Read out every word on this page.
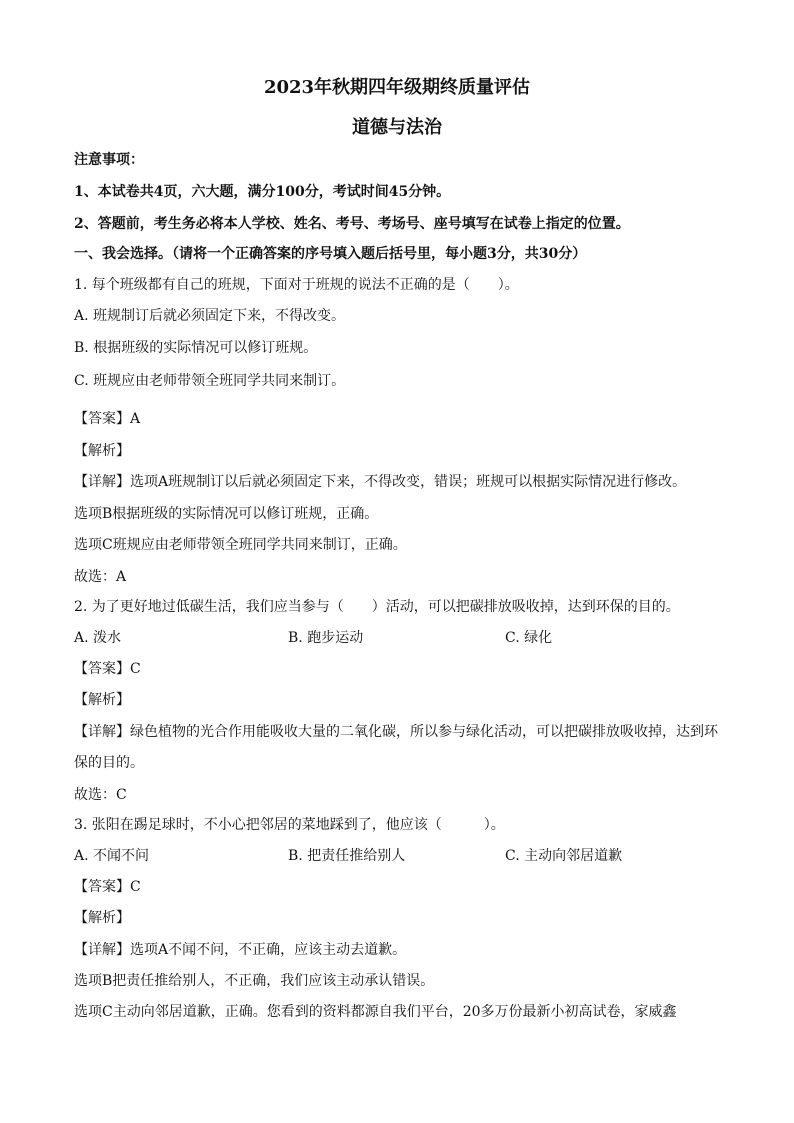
2023年秋期四年级期终质量评估
道德与法治
注意事项：
1、本试卷共4页，六大题，满分100分，考试时间45分钟。
2、答题前，考生务必将本人学校、姓名、考号、考场号、座号填写在试卷上指定的位置。
一、我会选择。（请将一个正确答案的序号填入题后括号里，每小题3分，共30分）
1. 每个班级都有自己的班规，下面对于班规的说法不正确的是（　　）。
A. 班规制订后就必须固定下来，不得改变。
B. 根据班级的实际情况可以修订班规。
C. 班规应由老师带领全班同学共同来制订。
【答案】A
【解析】
【详解】选项A班规制订以后就必须固定下来，不得改变，错误；班规可以根据实际情况进行修改。
选项B根据班级的实际情况可以修订班规，正确。
选项C班规应由老师带领全班同学共同来制订，正确。
故选：A
2. 为了更好地过低碳生活，我们应当参与（　　）活动，可以把碳排放吸收掉，达到环保的目的。
A. 泼水	B. 跑步运动	C. 绿化
【答案】C
【解析】
【详解】绿色植物的光合作用能吸收大量的二氧化碳，所以参与绿化活动，可以把碳排放吸收掉，达到环
保的目的。
故选：C
3. 张阳在踢足球时，不小心把邻居的菜地踩到了，他应该（　　　）。
A. 不闻不问	B. 把责任推给别人	C. 主动向邻居道歉
【答案】C
【解析】
【详解】选项A不闻不问，不正确，应该主动去道歉。
选项B把责任推给别人，不正确，我们应该主动承认错误。
选项C主动向邻居道歉，正确。您看到的资料都源自我们平台，20多万份最新小初高试卷，家威鑫
